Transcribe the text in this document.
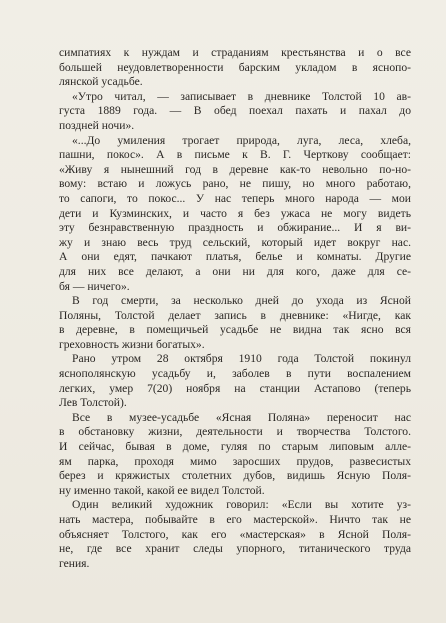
симпатиях к нуждам и страданиям крестьянства и о все
большей неудовлетворенности барским укладом в яснопо-
лянской усадьбе.
«Утро читал, — записывает в дневнике Толстой 10 ав-
густа 1889 года. — В обед поехал пахать и пахал до
поздней ночи».
«...До умиления трогает природа, луга, леса, хлеба,
пашни, покос». А в письме к В. Г. Черткову сообщает:
«Живу я нынешний год в деревне как-то невольно по-но-
вому: встаю и ложусь рано, не пишу, но много работаю,
то сапоги, то покос... У нас теперь много народа — мои
дети и Кузминских, и часто я без ужаса не могу видеть
эту безнравственную праздность и обжирание... И я ви-
жу и знаю весь труд сельский, который идет вокруг нас.
А они едят, пачкают платья, белье и комнаты. Другие
для них все делают, а они ни для кого, даже для се-
бя — ничего».
В год смерти, за несколько дней до ухода из Ясной
Поляны, Толстой делает запись в дневнике: «Нигде, как
в деревне, в помещичьей усадьбе не видна так ясно вся
греховность жизни богатых».
Рано утром 28 октября 1910 года Толстой покинул
яснополянскую усадьбу и, заболев в пути воспалением
легких, умер 7(20) ноября на станции Астапово (теперь
Лев Толстой).
Все в музее-усадьбе «Ясная Поляна» переносит нас
в обстановку жизни, деятельности и творчества Толстого.
И сейчас, бывая в доме, гуляя по старым липовым аллe-
ям парка, проходя мимо заросших прудов, развесистых
берез и кряжистых столетних дубов, видишь Ясную Поля-
ну именно такой, какой ее видел Толстой.
Один великий художник говорил: «Если вы хотите уз-
нать мастера, побывайте в его мастерской». Ничто так не
объясняет Толстого, как его «мастерская» в Ясной Поля-
не, где все хранит следы упорного, титанического труда
гения.
